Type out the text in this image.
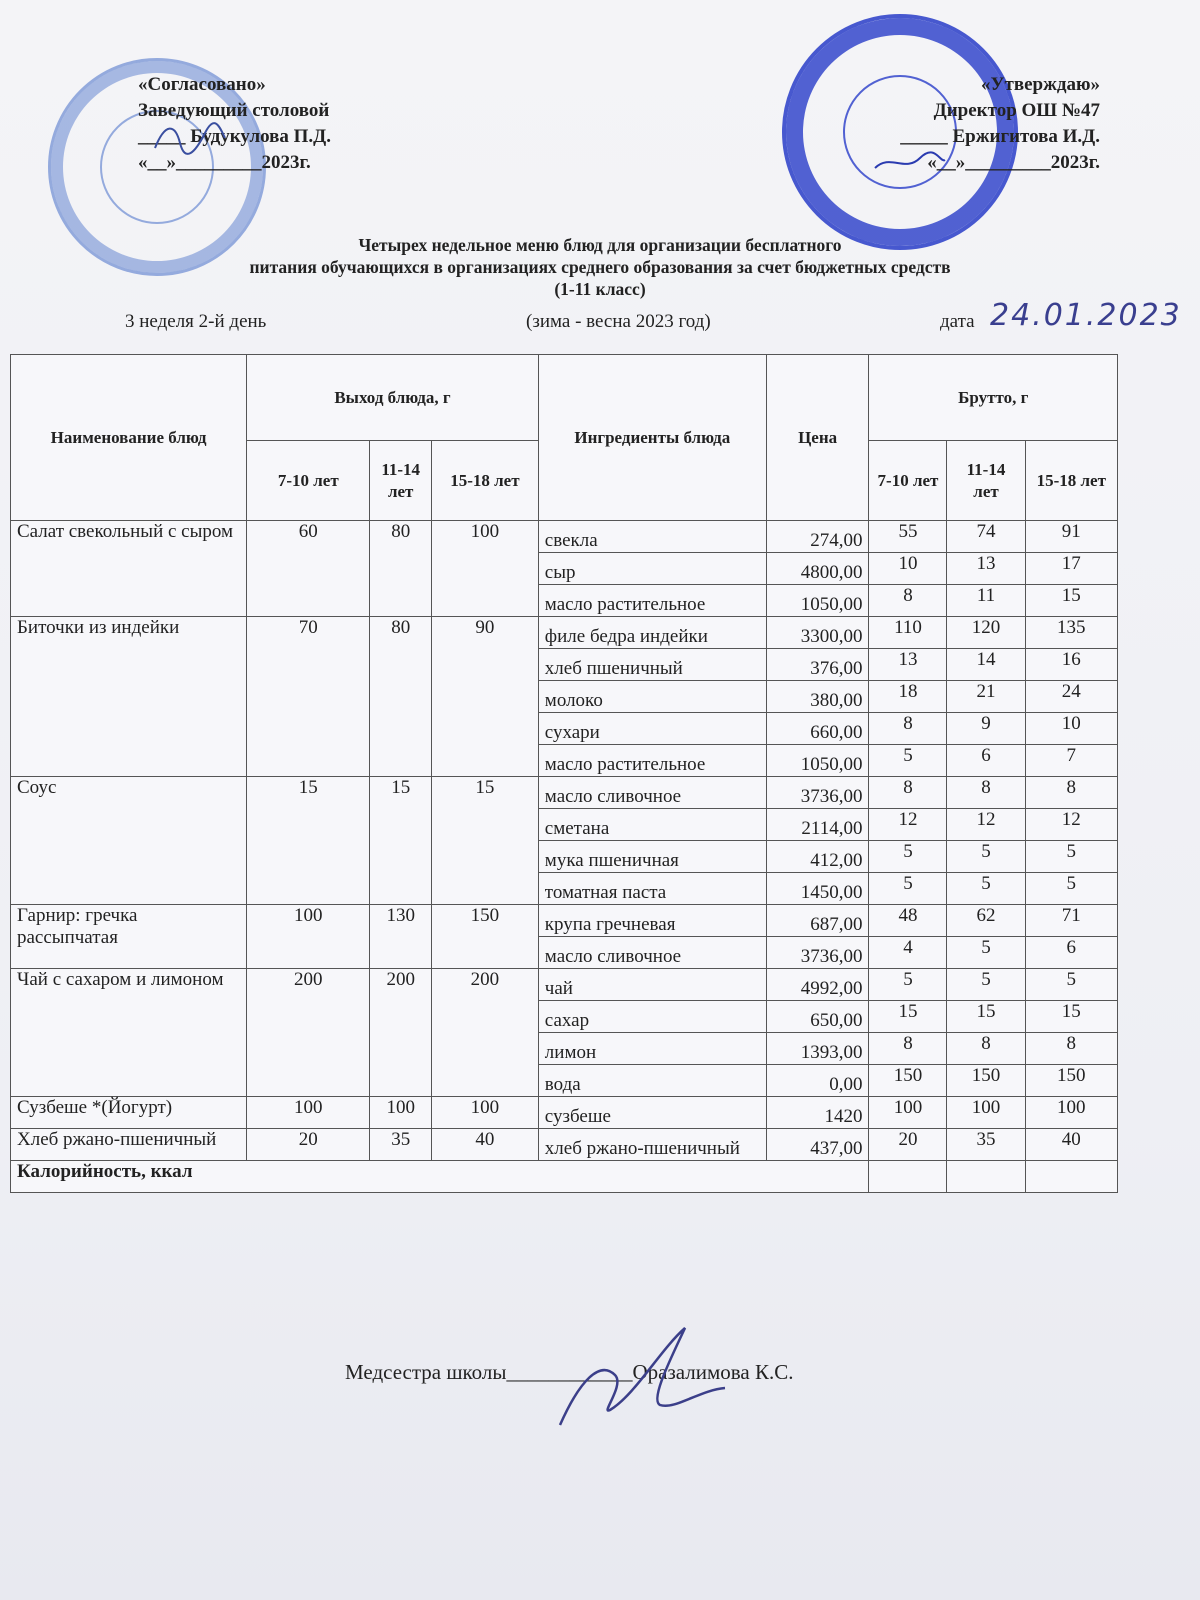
«Согласовано»
Заведующий столовой
_____ Будукулова П.Д.
«__»_________2023г.
«Утверждаю»
Директор ОШ №47
_____ Ержигитова И.Д.
«__»_________2023г.
Четырех недельное меню блюд для организации бесплатного
питания обучающихся в организациях среднего образования за счет бюджетных средств
(1-11 класс)
3 неделя 2-й день	(зима - весна 2023 год)	дата 24.01.2023
Наименование блюд	Выход блюда, г			Ингредиенты блюда	Цена	Брутто, г		
	7-10 лет	11-14 лет	15-18 лет			7-10 лет	11-14 лет	15-18 лет
Салат свекольный с сыром	60	80	100	свекла	274,00	55	74	91
				сыр	4800,00	10	13	17
				масло растительное	1050,00	8	11	15
Биточки из индейки	70	80	90	филе бедра индейки	3300,00	110	120	135
				хлеб пшеничный	376,00	13	14	16
				молоко	380,00	18	21	24
				сухари	660,00	8	9	10
				масло растительное	1050,00	5	6	7
Соус	15	15	15	масло сливочное	3736,00	8	8	8
				сметана	2114,00	12	12	12
				мука пшеничная	412,00	5	5	5
				томатная паста	1450,00	5	5	5
Гарнир: гречка рассыпчатая	100	130	150	крупа гречневая	687,00	48	62	71
				масло сливочное	3736,00	4	5	6
Чай с сахаром и лимоном	200	200	200	чай	4992,00	5	5	5
				сахар	650,00	15	15	15
				лимон	1393,00	8	8	8
				вода	0,00	150	150	150
Сузбеше *(Йогурт)	100	100	100	сузбеше	1420	100	100	100
Хлеб ржано-пшеничный	20	35	40	хлеб ржано-пшеничный	437,00	20	35	40
Калорийность, ккал								
Медсестра школы____________Оразалимова К.С.
